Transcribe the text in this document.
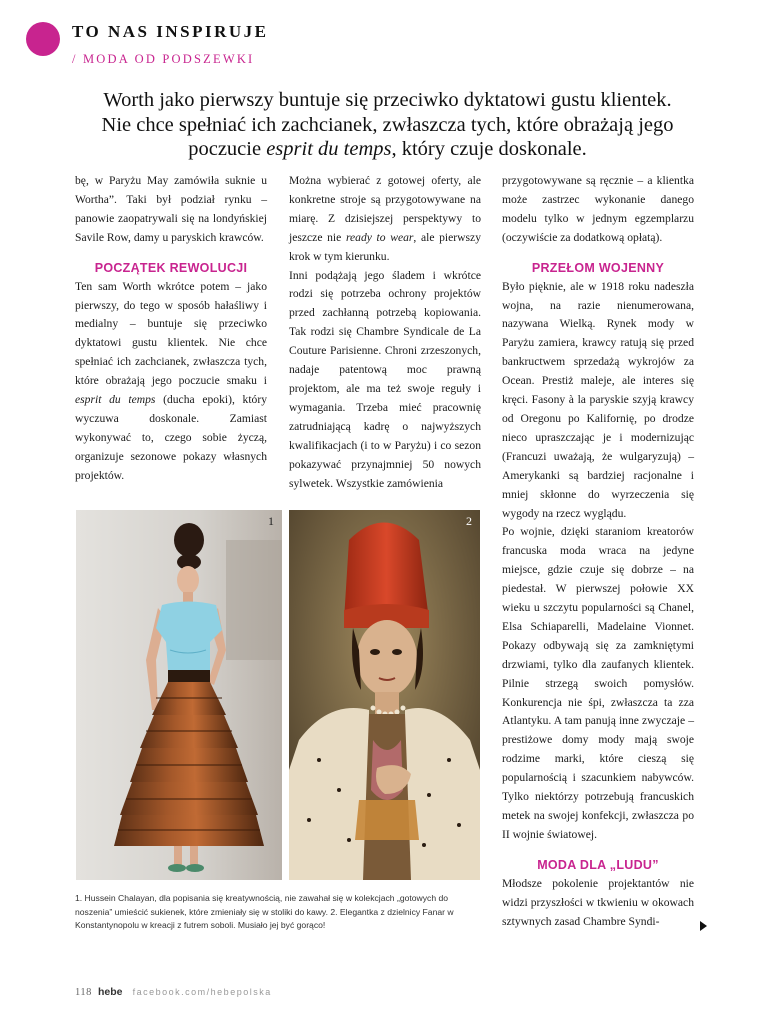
TO NAS INSPIRUJE
/ MODA OD PODSZEWKI
Worth jako pierwszy buntuje się przeciwko dyktatowi gustu klientek. Nie chce spełniać ich zachcianek, zwłaszcza tych, które obrażają jego poczucie esprit du temps, który czuje doskonale.

bę, w Paryżu May zamówiła suknie u Wortha”. Taki był podział rynku – panowie zaopatrywali się na londyńskiej Savile Row, damy u paryskich krawców.

POCZĄTEK REWOLUCJI

Ten sam Worth wkrótce potem – jako pierwszy, do tego w sposób hałaśliwy i medialny – buntuje się przeciwko dyktatowi gustu klientek. Nie chce spełniać ich zachcianek, zwłaszcza tych, które obrażają jego poczucie smaku i esprit du temps (ducha epoki), który wyczuwa doskonale. Zamiast wykonywać to, czego sobie życzą, organizuje sezonowe pokazy własnych projektów.

Można wybierać z gotowej oferty, ale konkretne stroje są przygotowywane na miarę. Z dzisiejszej perspektywy to jeszcze nie ready to wear, ale pierwszy krok w tym kierunku.

Inni podążają jego śladem i wkrótce rodzi się potrzeba ochrony projektów przed zachłanną potrzebą kopiowania. Tak rodzi się Chambre Syndicale de La Couture Parisienne. Chroni zrzeszonych, nadaje patentową moc prawną projektom, ale ma też swoje reguły i wymagania. Trzeba mieć pracownię zatrudniającą kadrę o najwyższych kwalifikacjach (i to w Paryżu) i co sezon pokazywać przynajmniej 50 nowych sylwetek. Wszystkie zamówienia

przygotowywane są ręcznie – a klientka może zastrzec wykonanie danego modelu tylko w jednym egzemplarzu (oczywiście za dodatkową opłatą).

PRZEŁOM WOJENNY

Było pięknie, ale w 1918 roku nadeszła wojna, na razie nienumerowana, nazywana Wielką. Rynek mody w Paryżu zamiera, krawcy ratują się przed bankructwem sprzedażą wykrojów za Ocean. Prestiż maleje, ale interes się kręci. Fasony à la paryskie szyją krawcy od Oregonu po Kalifornię, po drodze nieco upraszczając je i modernizując (Francuzi uważają, że wulgaryzują) – Amerykanki są bardziej racjonalne i mniej skłonne do wyrzeczenia się wygody na rzecz wyglądu.

Po wojnie, dzięki staraniom kreatorów francuska moda wraca na jedyne miejsce, gdzie czuje się dobrze – na piedestał. W pierwszej połowie XX wieku u szczytu popularności są Chanel, Elsa Schiaparelli, Madelaine Vionnet. Pokazy odbywają się za zamkniętymi drzwiami, tylko dla zaufanych klientek. Pilnie strzegą swoich pomysłów. Konkurencja nie śpi, zwłaszcza ta zza Atlantyku. A tam panują inne zwyczaje – prestiżowe domy mody mają swoje rodzime marki, które cieszą się popularnością i szacunkiem nabywców. Tylko niektórzy potrzebują francuskich metek na swojej konfekcji, zwłaszcza po II wojnie światowej.

MODA DLA „LUDU”

Młodsze pokolenie projektantów nie widzi przyszłości w tkwieniu w okowach sztywnych zasad Chambre Syndi-

1	2
1. Hussein Chalayan, dla popisania się kreatywnością, nie zawahał się w kolekcjach „gotowych do noszenia” umieścić sukienek, które zmieniały się w stoliki do kawy. 2. Elegantka z dzielnicy Fanar w Konstantynopolu w kreacji z futrem soboli. Musiało jej być gorąco!
118 hebe facebook.com/hebepolska
